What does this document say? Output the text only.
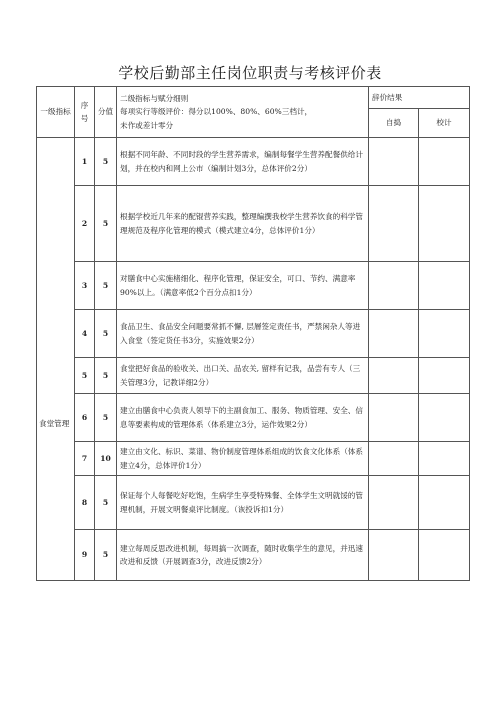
学校后勤部主任岗位职责与考核评价表
一级指标	序号	分值	二级指标与赋分细则
每项实行等级评价：得分以100%、80%、60%三档计，
未作或差计零分	辞价结果	
				自捣	校计
食堂管理	1	5	根据不同年龄、不同时段的学生营养需求，编制每餐学生营养配餐供给计划，并在校内和网上公市（编制计划3分，总体评价2分）		
	2	5	根据学校近几年来的配锟营养实践，整理编撰我校学生营养饮食的科学管理规范及程序化管理的模式（模式建立4分，总体评价1分）		
	3	5	对膳食中心实施楮细化、程序化管理，保证安全，可口、节约、满意率90%以上。（满意率低2个百分点扣1分）		
	4	5	食品卫生、食品安全问题要常抓不懈, 层層签定责任书，严禁闲杂人等进入食堂（签定货任书3分，实施效果2分）		
	5	5	食堂把好食品的验收关、出口关、品农关, 留样有记我，品尝有专人（三关管理3分，记教详细2分）		
	6	5	建立由膳食中心负责人领导下的主副食加工、服务、物质管理、安全、信息等要素构成的管理体系（体系建立3分，运作效果2分）		
	7	10	建立由文化、标识、菜谱、物价制度管理体系组成的饮食文化体系（体系建立4分，总体评价1分）		
	8	5	保证每个人每餐吃好吃饱，生病学生享受特殊餐、全体学生文明就馁的管理机制，开展文明餐桌评比制度。（诙投诉扣1分）		
	9	5	建立每周反思改进机制，每周搞一次调查，随时收集学生的意见，并迅速改进和反馈（开展调查3分，改进反馈2分）		
